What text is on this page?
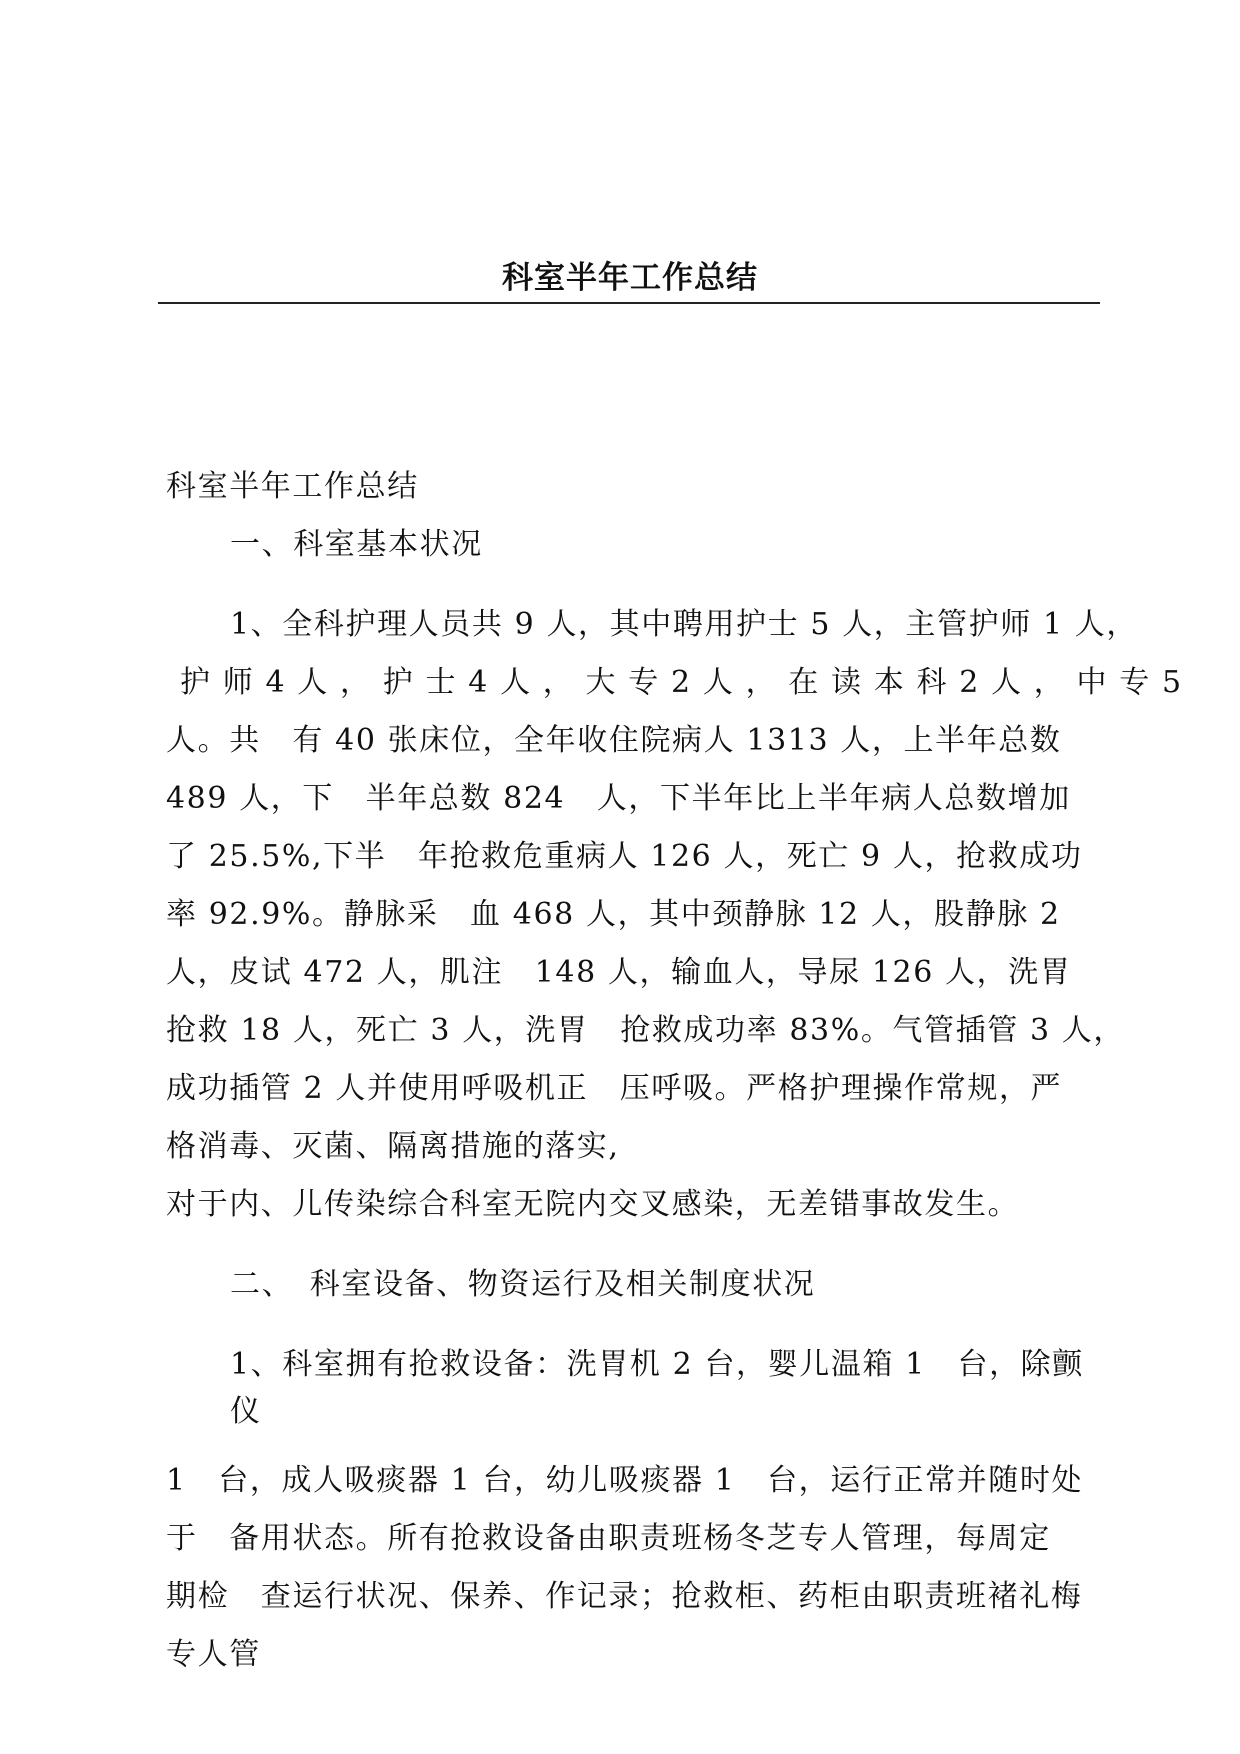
科室半年工作总结
科室半年工作总结
一、科室基本状况
1、全科护理人员共 9 人，其中聘用护士 5 人，主管护师 1 人，
护 师 4 人 ， 护 士 4 人 ， 大 专 2 人 ， 在 读 本 科 2 人 ， 中 专 5
人。共　有 40 张床位，全年收住院病人 1313 人，上半年总数
489 人，下　半年总数 824　人，下半年比上半年病人总数增加
了 25.5%,下半　年抢救危重病人 126 人，死亡 9 人，抢救成功
率 92.9%。静脉采　血 468 人，其中颈静脉 12 人，股静脉 2
人，皮试 472 人，肌注　148 人，输血人，导尿 126 人，洗胃
抢救 18 人，死亡 3 人，洗胃　抢救成功率 83%。气管插管 3 人，
成功插管 2 人并使用呼吸机正　压呼吸。严格护理操作常规，严
格消毒、灭菌、隔离措施的落实,
对于内、儿传染综合科室无院内交叉感染，无差错事故发生。
二、　科室设备、物资运行及相关制度状况
1、科室拥有抢救设备：洗胃机 2 台，婴儿温箱 1　台，除颤
仪
1　台，成人吸痰器 1 台，幼儿吸痰器 1　台，运行正常并随时处
于　备用状态。所有抢救设备由职责班杨冬芝专人管理，每周定
期检　查运行状况、保养、作记录；抢救柜、药柜由职责班褚礼梅
专人管
